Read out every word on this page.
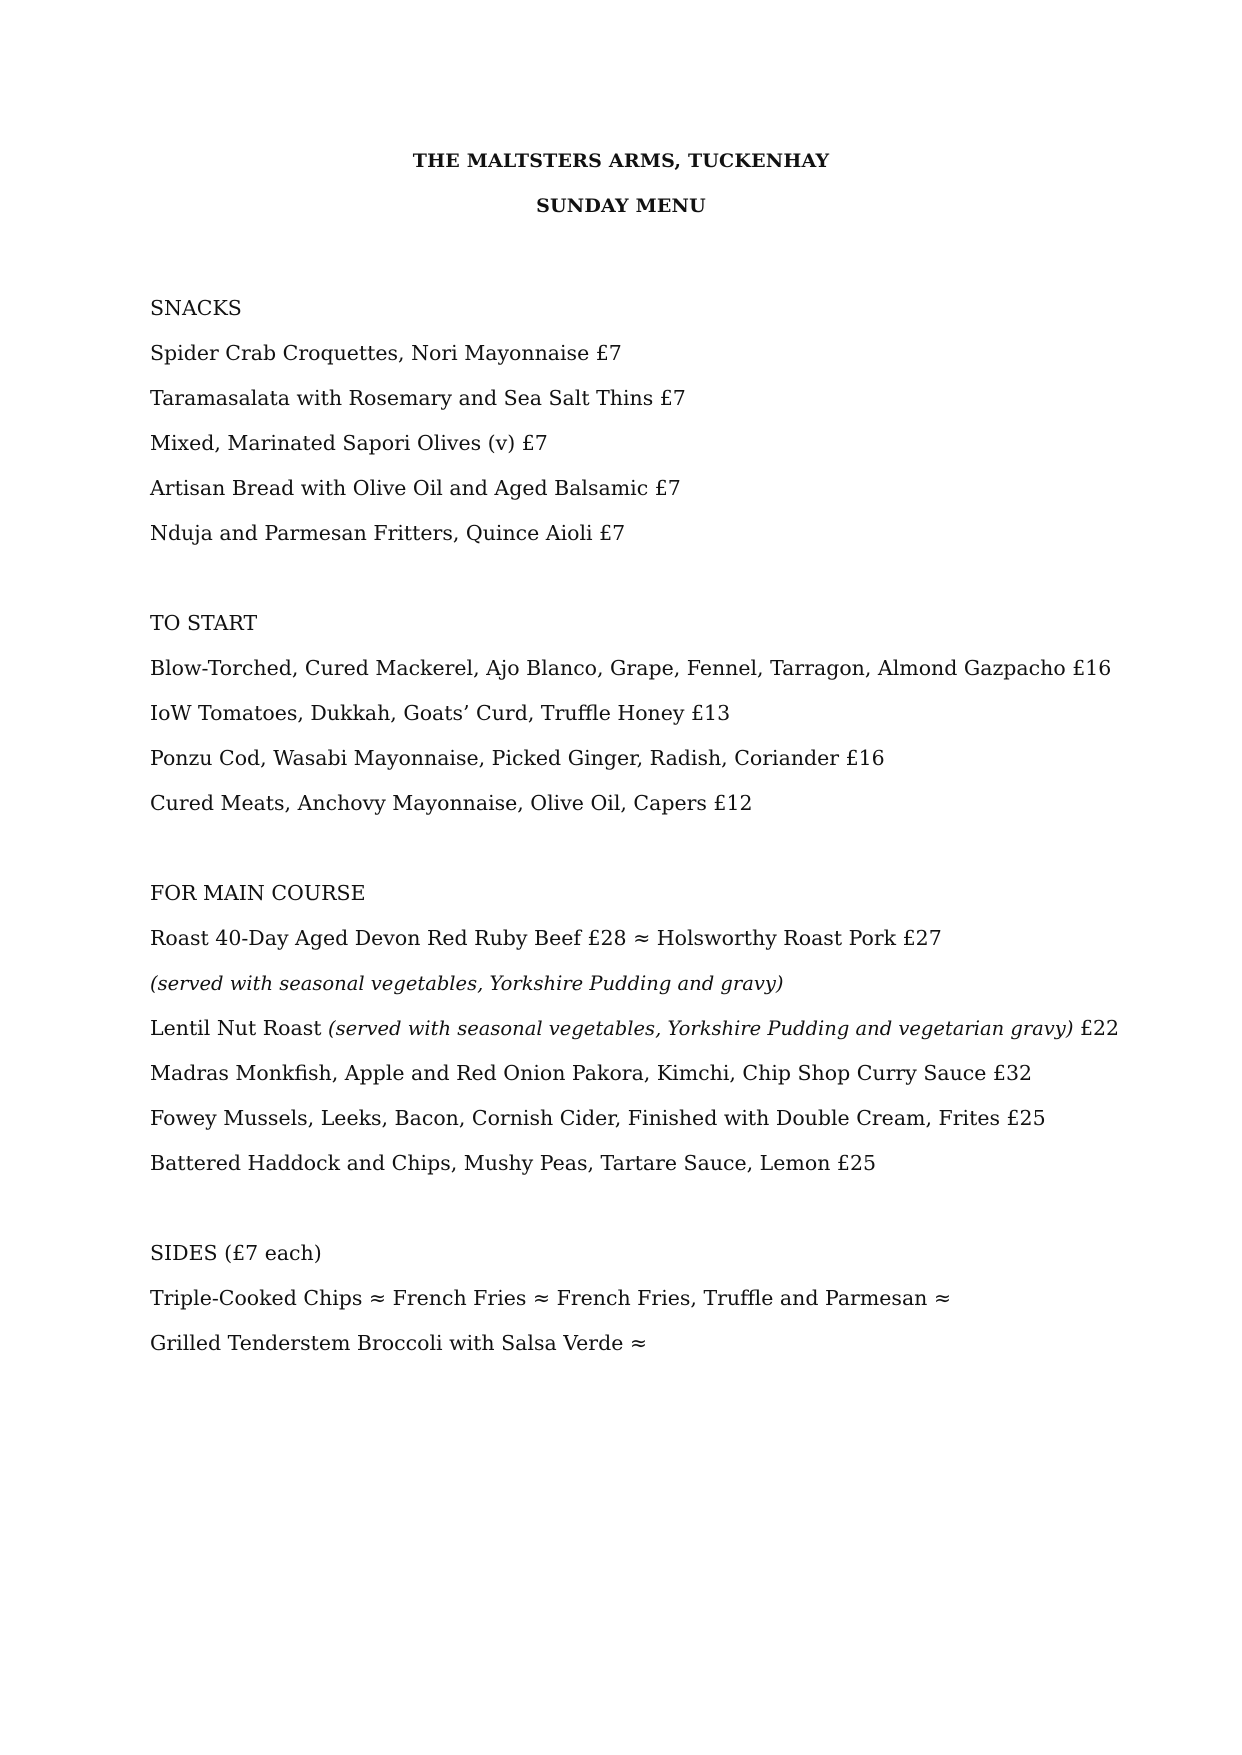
THE MALTSTERS ARMS, TUCKENHAY
SUNDAY MENU
SNACKS
Spider Crab Croquettes, Nori Mayonnaise £7
Taramasalata with Rosemary and Sea Salt Thins £7
Mixed, Marinated Sapori Olives (v) £7
Artisan Bread with Olive Oil and Aged Balsamic £7
Nduja and Parmesan Fritters, Quince Aioli £7
TO START
Blow-Torched, Cured Mackerel, Ajo Blanco, Grape, Fennel, Tarragon, Almond Gazpacho £16
IoW Tomatoes, Dukkah, Goats’ Curd, Truffle Honey £13
Ponzu Cod, Wasabi Mayonnaise, Picked Ginger, Radish, Coriander £16
Cured Meats, Anchovy Mayonnaise, Olive Oil, Capers £12
FOR MAIN COURSE
Roast 40-Day Aged Devon Red Ruby Beef £28 ≈ Holsworthy Roast Pork £27
(served with seasonal vegetables, Yorkshire Pudding and gravy)
Lentil Nut Roast (served with seasonal vegetables, Yorkshire Pudding and vegetarian gravy) £22
Madras Monkfish, Apple and Red Onion Pakora, Kimchi, Chip Shop Curry Sauce £32
Fowey Mussels, Leeks, Bacon, Cornish Cider, Finished with Double Cream, Frites £25
Battered Haddock and Chips, Mushy Peas, Tartare Sauce, Lemon £25
SIDES (£7 each)
Triple-Cooked Chips ≈ French Fries ≈ French Fries, Truffle and Parmesan ≈
Grilled Tenderstem Broccoli with Salsa Verde ≈
